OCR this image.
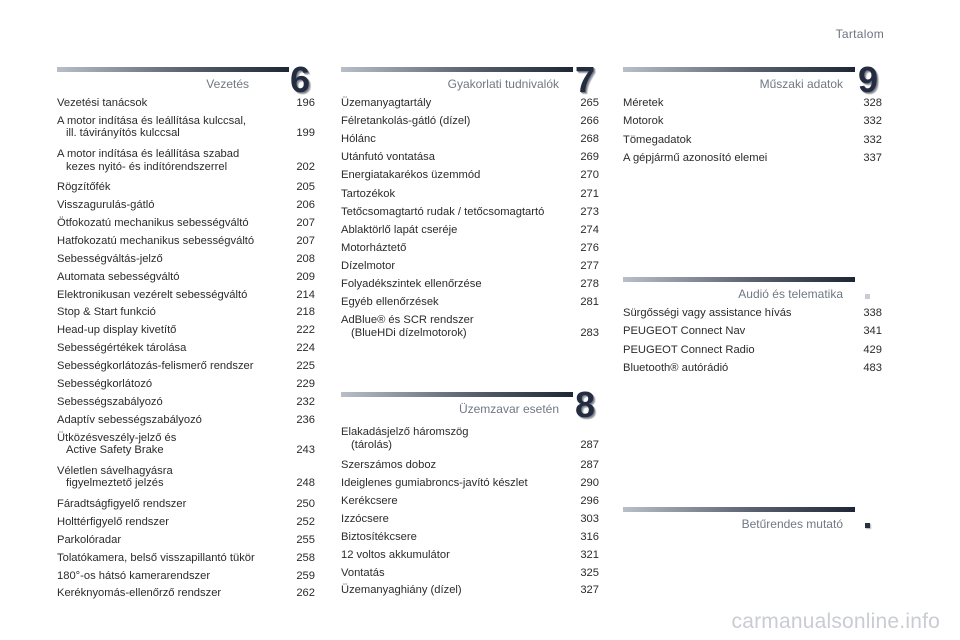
Tartalom
Vezetés 6
Vezetési tanácsok	196
A motor indítása és leállítása kulccsal,
ill. távirányítós kulccsal	199
A motor indítása és leállítása szabad
kezes nyitó- és indítórendszerrel	202
Rögzítőfék	205
Visszagurulás-gátló	206
Ötfokozatú mechanikus sebességváltó	207
Hatfokozatú mechanikus sebességváltó	207
Sebességváltás-jelző	208
Automata sebességváltó	209
Elektronikusan vezérelt sebességváltó	214
Stop & Start funkció	218
Head-up display kivetítő	222
Sebességértékek tárolása	224
Sebességkorlátozás-felismerő rendszer	225
Sebességkorlátozó	229
Sebességszabályozó	232
Adaptív sebességszabályozó	236
Ütközésveszély-jelző és
Active Safety Brake	243
Véletlen sávelhagyásra
figyelmeztető jelzés	248
Fáradtságfigyelő rendszer	250
Holttérfigyelő rendszer	252
Parkolóradar	255
Tolatókamera, belső visszapillantó tükör	258
180°-os hátsó kamerarendszer	259
Keréknyomás-ellenőrző rendszer	262
Gyakorlati tudnivalók 7
Üzemanyagtartály	265
Félretankolás-gátló (dízel)	266
Hólánc	268
Utánfutó vontatása	269
Energiatakarékos üzemmód	270
Tartozékok	271
Tetőcsomagtartó rudak / tetőcsomagtartó	273
Ablaktörlő lapát cseréje	274
Motorháztető	276
Dízelmotor	277
Folyadékszintek ellenőrzése	278
Egyéb ellenőrzések	281
AdBlue® és SCR rendszer
(BlueHDi dízelmotorok)	283
Üzemzavar esetén 8
Elakadásjelző háromszög
(tárolás)	287
Szerszámos doboz	287
Ideiglenes gumiabroncs-javító készlet	290
Kerékcsere	296
Izzócsere	303
Biztosítékcsere	316
12 voltos akkumulátor	321
Vontatás	325
Üzemanyaghiány (dízel)	327
Műszaki adatok 9
Méretek	328
Motorok	332
Tömegadatok	332
A gépjármű azonosító elemei	337
Audió és telematika
Sürgősségi vagy assistance hívás	338
PEUGEOT Connect Nav	341
PEUGEOT Connect Radio	429
Bluetooth® autórádió	483
Betűrendes mutató
carmanualsonline.info
